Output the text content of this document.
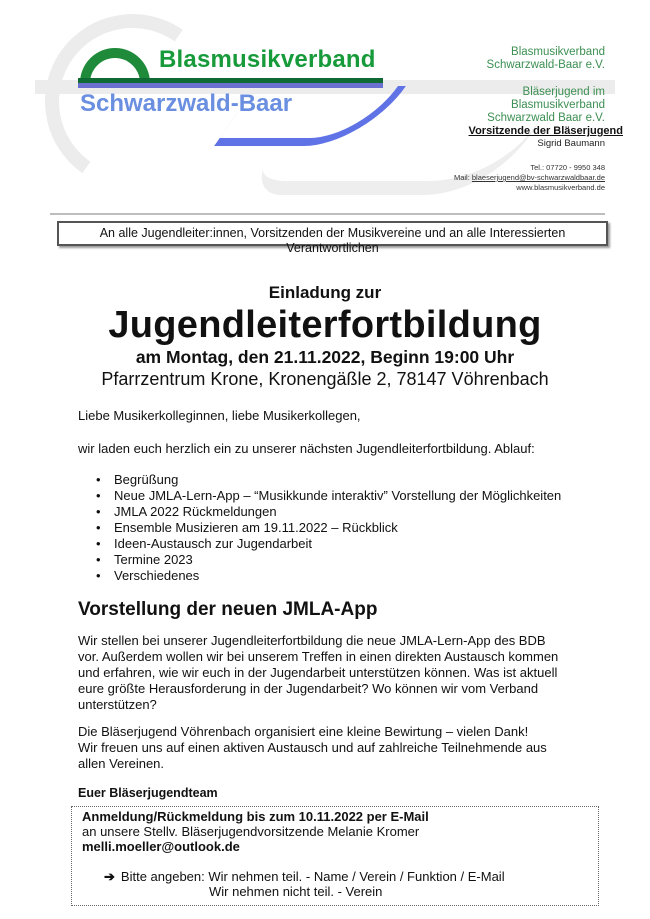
Blasmusikverband
Schwarzwald-Baar
Blasmusikverband
Schwarzwald-Baar e.V.
Bläserjugend im
Blasmusikverband
Schwarzwald Baar e.V.
Vorsitzende der Bläserjugend
Sigrid Baumann
Tel.: 07720 - 9950 348
Mail: blaeserjugend@bv-schwarzwaldbaar.de
www.blasmusikverband.de
An alle Jugendleiter:innen, Vorsitzenden der Musikvereine und an alle Interessierten Verantwortlichen
Einladung zur
Jugendleiterfortbildung
am Montag, den 21.11.2022, Beginn 19:00 Uhr
Pfarrzentrum Krone, Kronengäßle 2, 78147 Vöhrenbach
Liebe Musikerkolleginnen, liebe Musikerkollegen,
wir laden euch herzlich ein zu unserer nächsten Jugendleiterfortbildung. Ablauf:
• Begrüßung
• Neue JMLA-Lern-App – “Musikkunde interaktiv” Vorstellung der Möglichkeiten
• JMLA 2022 Rückmeldungen
• Ensemble Musizieren am 19.11.2022 – Rückblick
• Ideen-Austausch zur Jugendarbeit
• Termine 2023
• Verschiedenes
Vorstellung der neuen JMLA-App
Wir stellen bei unserer Jugendleiterfortbildung die neue JMLA-Lern-App des BDB vor. Außerdem wollen wir bei unserem Treffen in einen direkten Austausch kommen und erfahren, wie wir euch in der Jugendarbeit unterstützen können. Was ist aktuell eure größte Herausforderung in der Jugendarbeit? Wo können wir vom Verband unterstützen?
Die Bläserjugend Vöhrenbach organisiert eine kleine Bewirtung – vielen Dank!
Wir freuen uns auf einen aktiven Austausch und auf zahlreiche Teilnehmende aus allen Vereinen.
Euer Bläserjugendteam
Anmeldung/Rückmeldung bis zum 10.11.2022 per E-Mail
an unsere Stellv. Bläserjugendvorsitzende Melanie Kromer
melli.moeller@outlook.de
➔ Bitte angeben: Wir nehmen teil. - Name / Verein / Funktion / E-Mail
Wir nehmen nicht teil. - Verein
